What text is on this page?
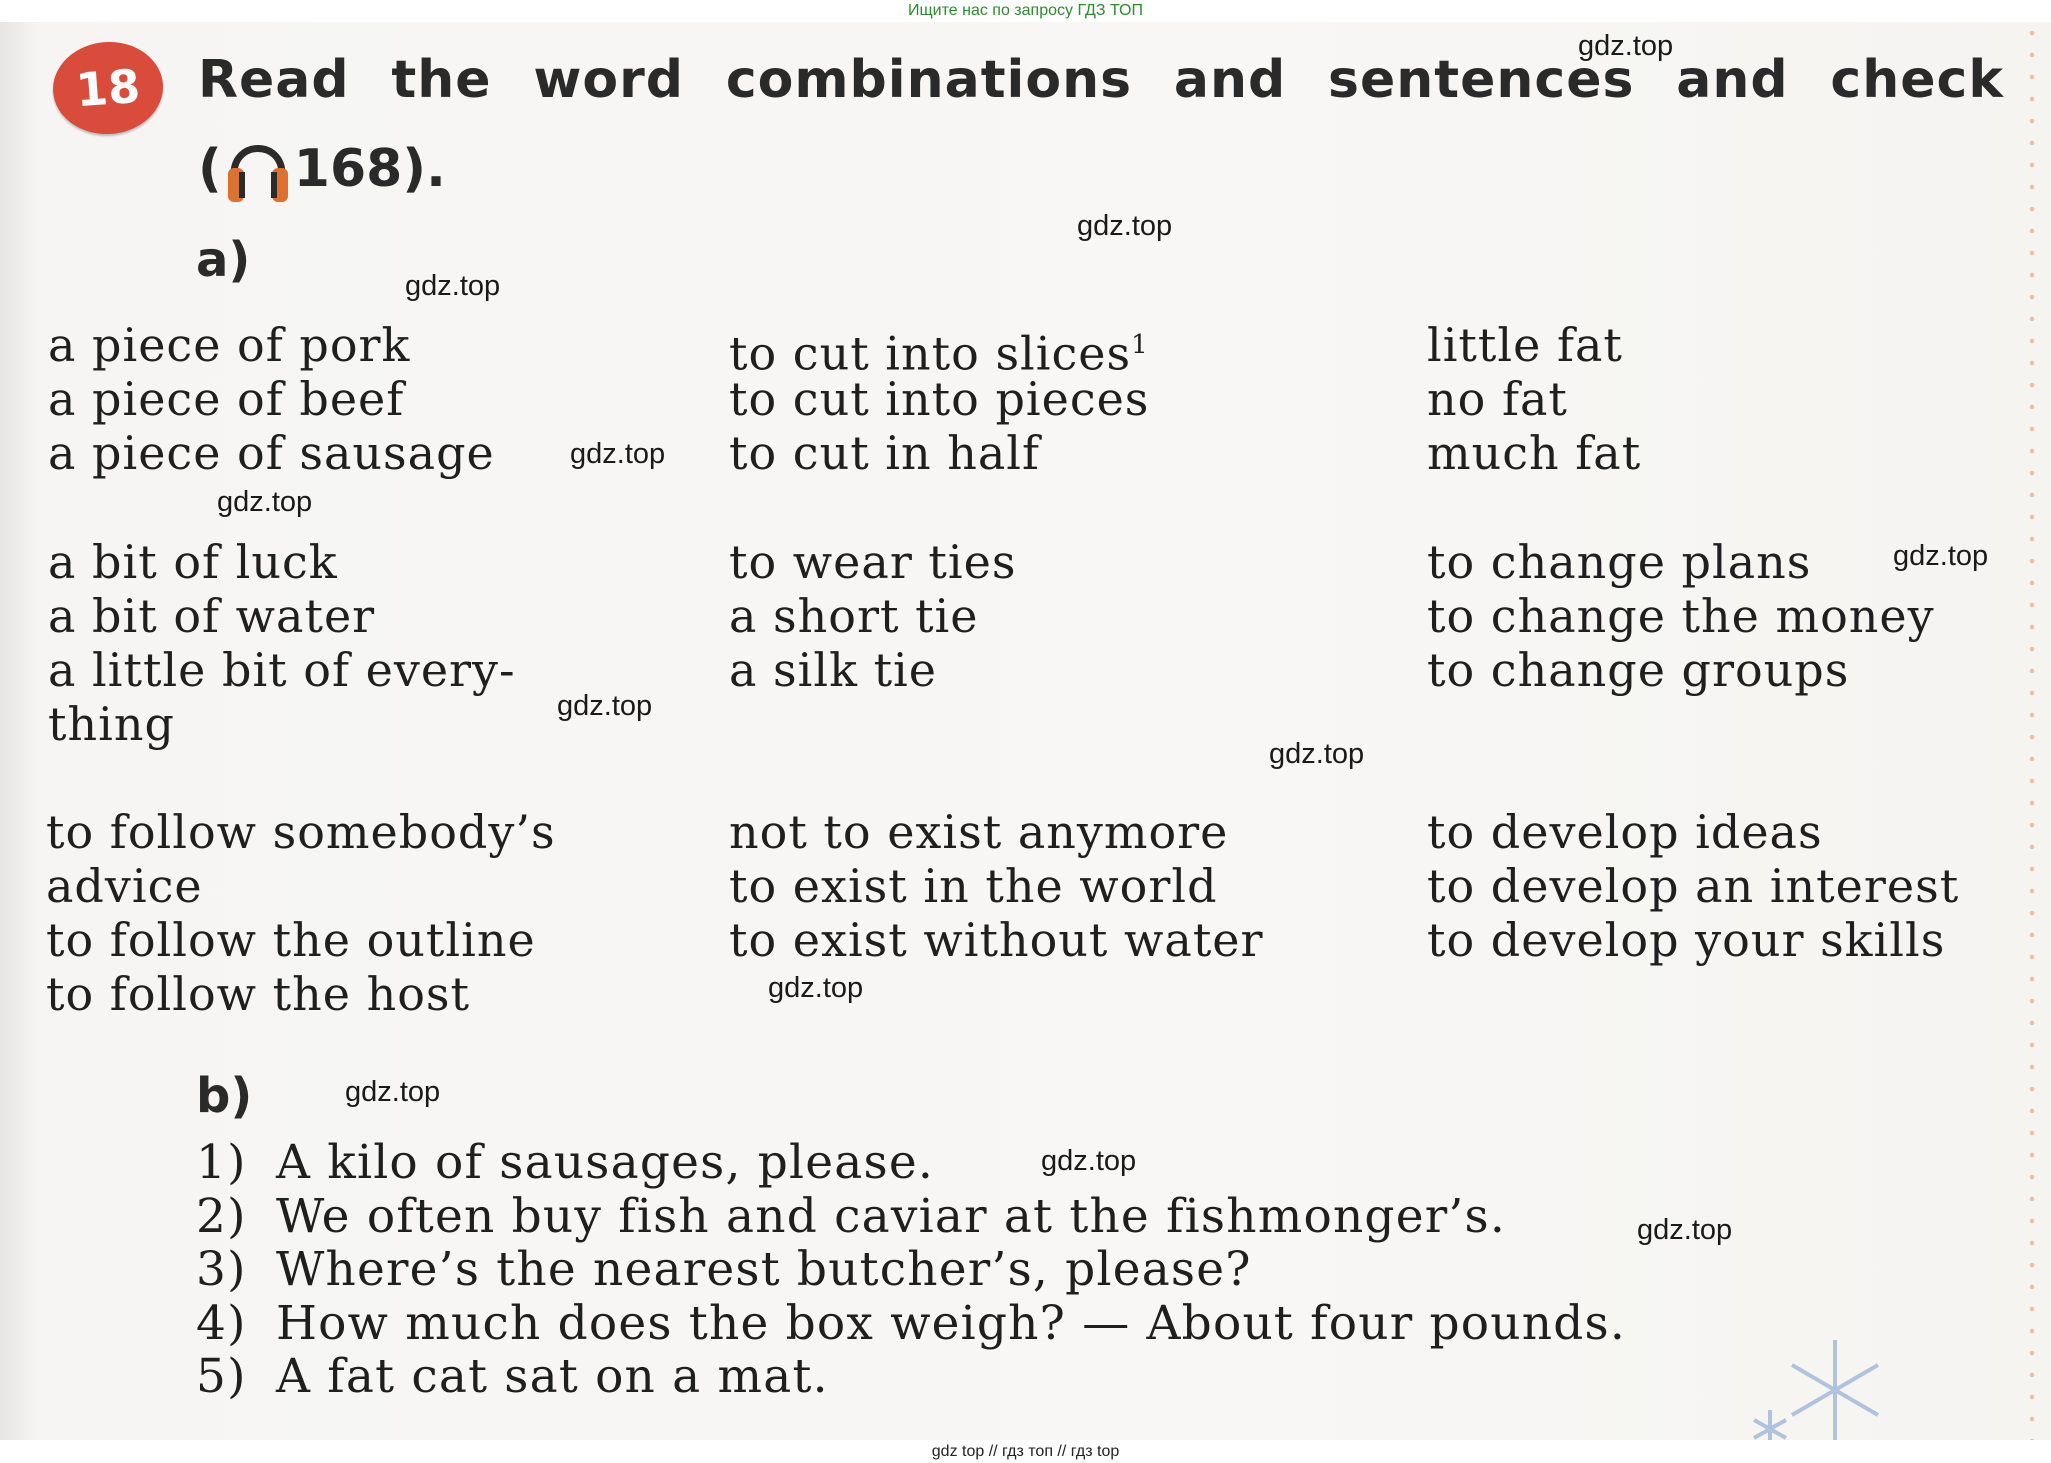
Ищите нас по запросу ГДЗ ТОП
18	Read the word combinations and sentences and check
( 168).
a)
a piece of pork
a piece of beef
a piece of sausage
to cut into slices$^1$
to cut into pieces
to cut in half
little fat
no fat
much fat
a bit of luck
a bit of water
a little bit of every-
thing
to wear ties
a short tie
a silk tie
to change plans
to change the money
to change groups
to follow somebody’s
advice
to follow the outline
to follow the host
not to exist anymore
to exist in the world
to exist without water
to develop ideas
to develop an interest
to develop your skills
b)
1) A kilo of sausages, please.
2) We often buy fish and caviar at the fishmonger’s.
3) Where’s the nearest butcher’s, please?
4) How much does the box weigh? — About four pounds.
5) A fat cat sat on a mat.
gdz.top
gdz.top
gdz.top
gdz.top
gdz.top
gdz.top
gdz.top
gdz.top
gdz.top
gdz.top
gdz.top
gdz.top
gdz top // гдз топ // гдз top
